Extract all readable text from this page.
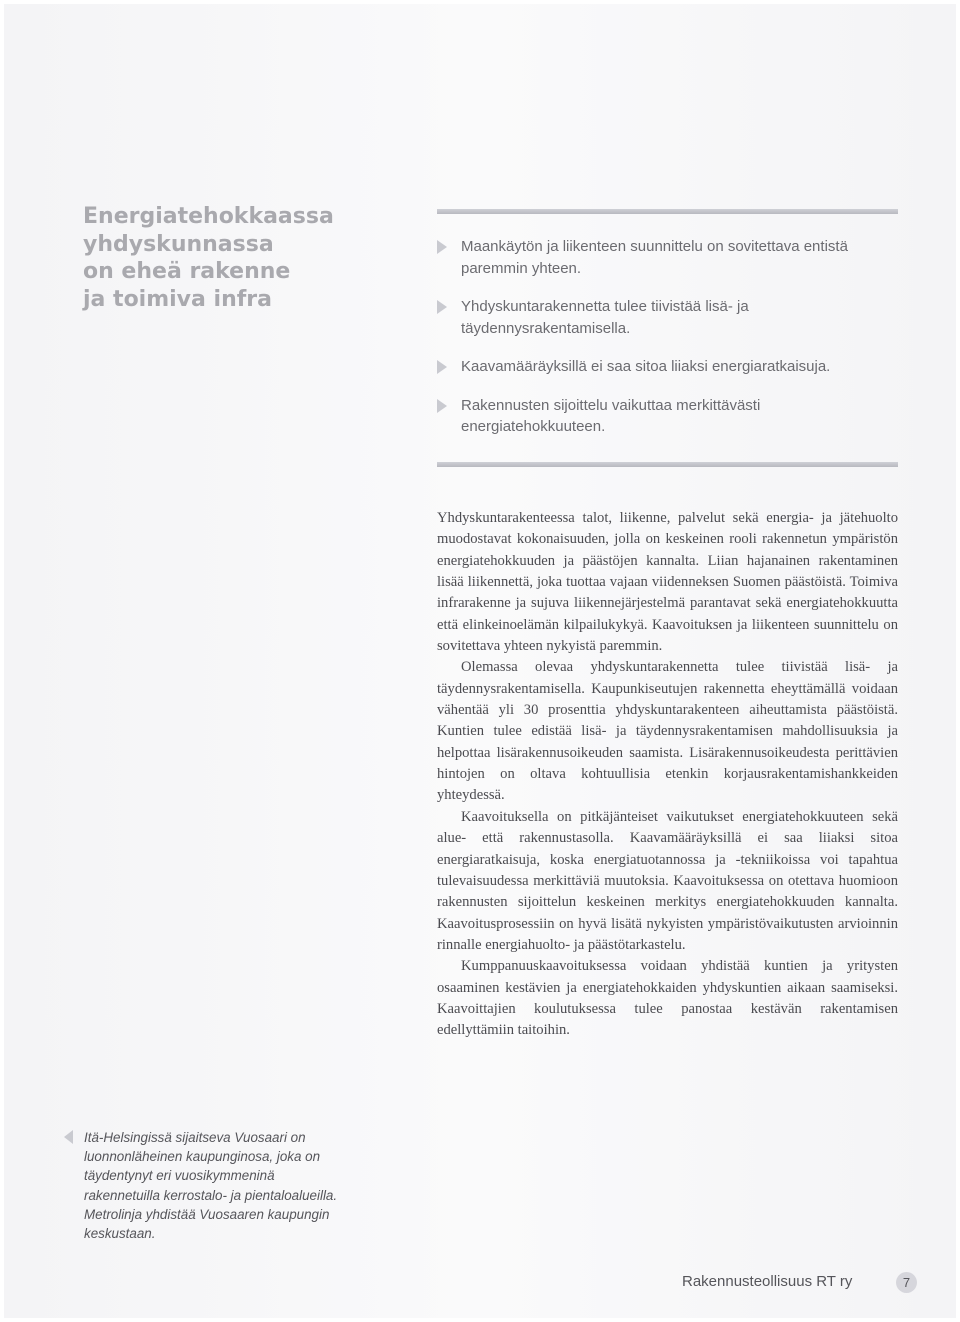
Energiatehokkaassa
yhdyskunnassa
on eheä rakenne
ja toimiva infra
Maankäytön ja liikenteen suunnittelu on sovitettava entistä paremmin yhteen.
Yhdyskuntarakennetta tulee tiivistää lisä- ja täydennysrakentamisella.
Kaavamääräyksillä ei saa sitoa liiaksi energiaratkaisuja.
Rakennusten sijoittelu vaikuttaa merkittävästi energiatehokkuuteen.

Yhdyskuntarakenteessa talot, liikenne, palvelut sekä energia- ja jätehuolto muodostavat kokonaisuuden, jolla on keskeinen rooli rakennetun ympäristön energiatehokkuuden ja päästöjen kannalta. Liian hajanainen rakentaminen lisää liikennettä, joka tuottaa vajaan viidenneksen Suomen päästöistä. Toimiva infrarakenne ja sujuva liikennejärjestelmä parantavat sekä energiatehokkuutta että elinkeinoelämän kilpailukykyä. Kaavoituksen ja liikenteen suunnittelu on sovitettava yhteen nykyistä paremmin.

Olemassa olevaa yhdyskuntarakennetta tulee tiivistää lisä- ja täydennysrakentamisella. Kaupunkiseutujen rakennetta eheyttämällä voidaan vähentää yli 30 prosenttia yhdyskuntarakenteen aiheuttamista päästöistä. Kuntien tulee edistää lisä- ja täydennysrakentamisen mahdollisuuksia ja helpottaa lisärakennusoikeuden saamista. Lisärakennusoikeudesta perittävien hintojen on oltava kohtuullisia etenkin korjausrakentamishankkeiden yhteydessä.

Kaavoituksella on pitkäjänteiset vaikutukset energiatehokkuuteen sekä alue- että rakennustasolla. Kaavamääräyksillä ei saa liiaksi sitoa energiaratkaisuja, koska energiatuotannossa ja -tekniikoissa voi tapahtua tulevaisuudessa merkittäviä muutoksia. Kaavoituksessa on otettava huomioon rakennusten sijoittelun keskeinen merkitys energiatehokkuuden kannalta. Kaavoitusprosessiin on hyvä lisätä nykyisten ympäristövaikutusten arvioinnin rinnalle energiahuolto- ja päästötarkastelu.

Kumppanuuskaavoituksessa voidaan yhdistää kuntien ja yritysten osaaminen kestävien ja energiatehokkaiden yhdyskuntien aikaan saamiseksi. Kaavoittajien koulutuksessa tulee panostaa kestävän rakentamisen edellyttämiin taitoihin.

Itä-Helsingissä sijaitseva Vuosaari on luonnonläheinen kaupunginosa, joka on täydentynyt eri vuosikymmeninä rakennetuilla kerrostalo- ja pientaloalueilla. Metrolinja yhdistää Vuosaaren kaupungin keskustaan.
Rakennusteollisuus RT ry	7
